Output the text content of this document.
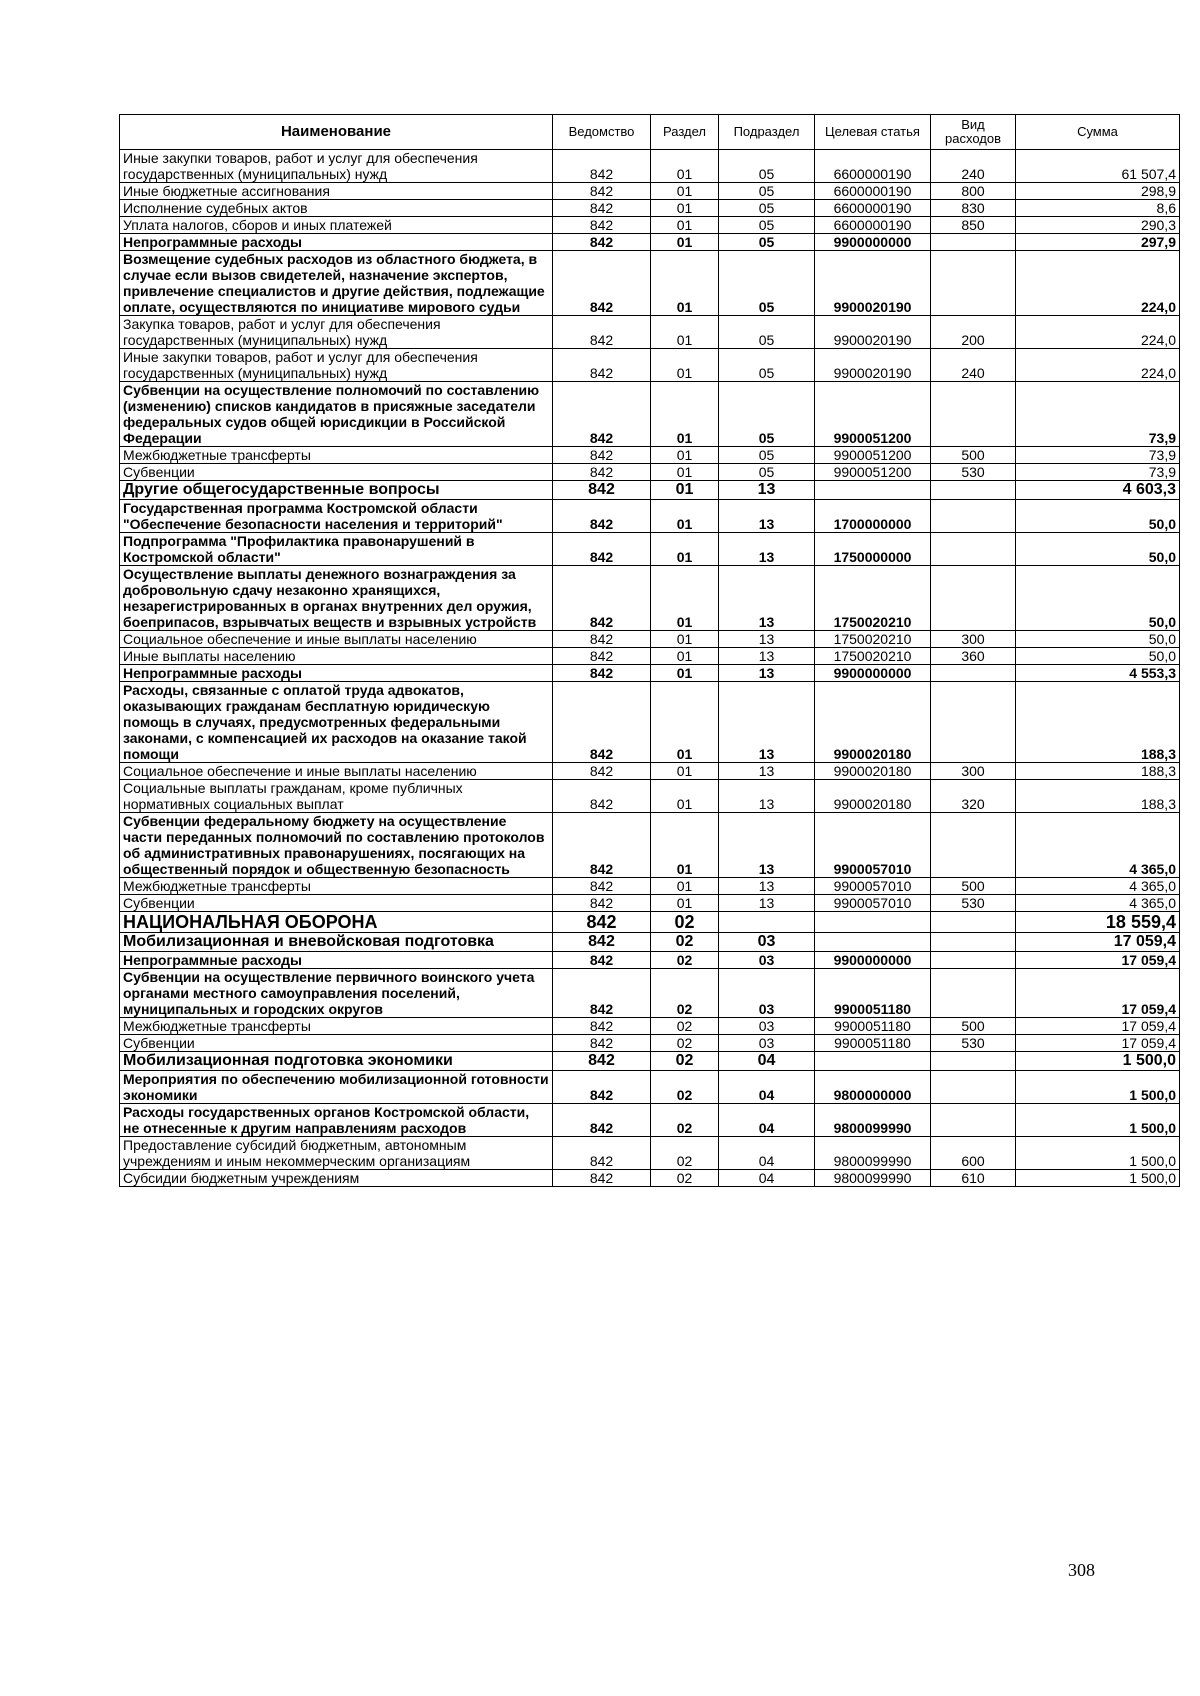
Наименование	Ведомство	Раздел	Подраздел	Целевая статья	Вид расходов	Сумма
Иные закупки товаров, работ и услуг для обеспечения государственных (муниципальных) нужд	842	01	05	6600000190	240	61 507,4
Иные бюджетные ассигнования	842	01	05	6600000190	800	298,9
Исполнение судебных актов	842	01	05	6600000190	830	8,6
Уплата налогов, сборов и иных платежей	842	01	05	6600000190	850	290,3
Непрограммные расходы	842	01	05	9900000000		297,9
Возмещение судебных расходов из областного бюджета, в случае если вызов свидетелей, назначение экспертов, привлечение специалистов и другие действия, подлежащие оплате, осуществляются по инициативе мирового судьи	842	01	05	9900020190		224,0
Закупка товаров, работ и услуг для обеспечения государственных (муниципальных) нужд	842	01	05	9900020190	200	224,0
Иные закупки товаров, работ и услуг для обеспечения государственных (муниципальных) нужд	842	01	05	9900020190	240	224,0
Субвенции на осуществление полномочий по составлению (изменению) списков кандидатов в присяжные заседатели федеральных судов общей юрисдикции в Российской Федерации	842	01	05	9900051200		73,9
Межбюджетные трансферты	842	01	05	9900051200	500	73,9
Субвенции	842	01	05	9900051200	530	73,9
Другие общегосударственные вопросы	842	01	13			4 603,3
Государственная программа Костромской области "Обеспечение безопасности населения и территорий"	842	01	13	1700000000		50,0
Подпрограмма "Профилактика правонарушений в Костромской области"	842	01	13	1750000000		50,0
Осуществление выплаты денежного вознаграждения за добровольную сдачу незаконно хранящихся, незарегистрированных в органах внутренних дел оружия, боеприпасов, взрывчатых веществ и взрывных устройств	842	01	13	1750020210		50,0
Социальное обеспечение и иные выплаты населению	842	01	13	1750020210	300	50,0
Иные выплаты населению	842	01	13	1750020210	360	50,0
Непрограммные расходы	842	01	13	9900000000		4 553,3
Расходы, связанные с оплатой труда адвокатов, оказывающих гражданам бесплатную юридическую помощь в случаях, предусмотренных федеральными законами, с компенсацией их расходов на оказание такой помощи	842	01	13	9900020180		188,3
Социальное обеспечение и иные выплаты населению	842	01	13	9900020180	300	188,3
Социальные выплаты гражданам, кроме публичных нормативных социальных выплат	842	01	13	9900020180	320	188,3
Субвенции федеральному бюджету на осуществление части переданных полномочий по составлению протоколов об административных правонарушениях, посягающих на общественный порядок и общественную безопасность	842	01	13	9900057010		4 365,0
Межбюджетные трансферты	842	01	13	9900057010	500	4 365,0
Субвенции	842	01	13	9900057010	530	4 365,0
НАЦИОНАЛЬНАЯ ОБОРОНА	842	02				18 559,4
Мобилизационная и вневойсковая подготовка	842	02	03			17 059,4
Непрограммные расходы	842	02	03	9900000000		17 059,4
Субвенции на осуществление первичного воинского учета органами местного самоуправления поселений, муниципальных и городских округов	842	02	03	9900051180		17 059,4
Межбюджетные трансферты	842	02	03	9900051180	500	17 059,4
Субвенции	842	02	03	9900051180	530	17 059,4
Мобилизационная подготовка экономики	842	02	04			1 500,0
Мероприятия по обеспечению мобилизационной готовности экономики	842	02	04	9800000000		1 500,0
Расходы государственных органов Костромской области, не отнесенные к другим направлениям расходов	842	02	04	9800099990		1 500,0
Предоставление субсидий бюджетным, автономным учреждениям и иным некоммерческим организациям	842	02	04	9800099990	600	1 500,0
Субсидии бюджетным учреждениям	842	02	04	9800099990	610	1 500,0
308
